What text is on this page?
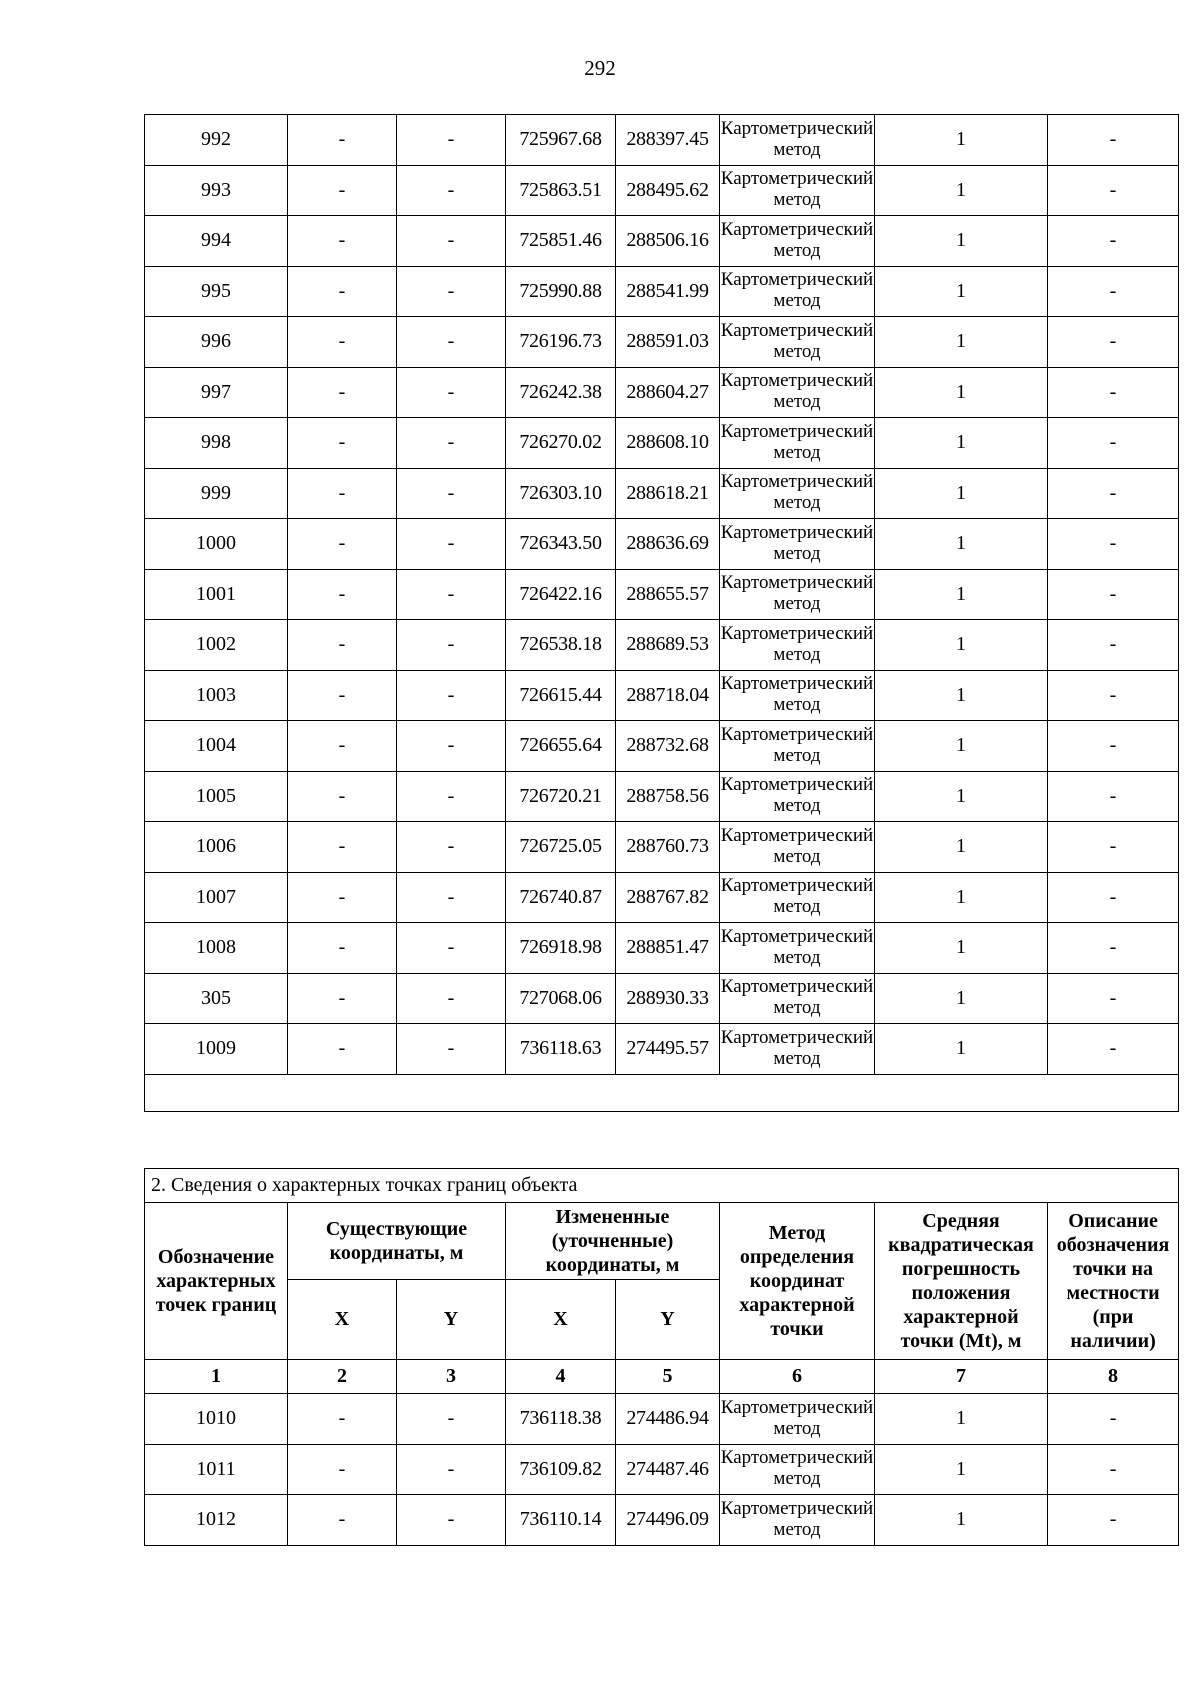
292
992	-	-	725967.68	288397.45	Картометрический метод	1	-
993	-	-	725863.51	288495.62	Картометрический метод	1	-
994	-	-	725851.46	288506.16	Картометрический метод	1	-
995	-	-	725990.88	288541.99	Картометрический метод	1	-
996	-	-	726196.73	288591.03	Картометрический метод	1	-
997	-	-	726242.38	288604.27	Картометрический метод	1	-
998	-	-	726270.02	288608.10	Картометрический метод	1	-
999	-	-	726303.10	288618.21	Картометрический метод	1	-
1000	-	-	726343.50	288636.69	Картометрический метод	1	-
1001	-	-	726422.16	288655.57	Картометрический метод	1	-
1002	-	-	726538.18	288689.53	Картометрический метод	1	-
1003	-	-	726615.44	288718.04	Картометрический метод	1	-
1004	-	-	726655.64	288732.68	Картометрический метод	1	-
1005	-	-	726720.21	288758.56	Картометрический метод	1	-
1006	-	-	726725.05	288760.73	Картометрический метод	1	-
1007	-	-	726740.87	288767.82	Картометрический метод	1	-
1008	-	-	726918.98	288851.47	Картометрический метод	1	-
305	-	-	727068.06	288930.33	Картометрический метод	1	-
1009	-	-	736118.63	274495.57	Картометрический метод	1	-

2. Сведения о характерных точках границ объекта							
Обозначение характерных точек границ	Существующие координаты, м		Измененные (уточненные) координаты, м		Метод определения координат характерной точки	Средняя квадратическая погрешность положения характерной точки (Mt), м	Описание обозначения точки на местности (при наличии)
	X	Y	X	Y			
1	2	3	4	5	6	7	8
1010	-	-	736118.38	274486.94	Картометрический метод	1	-
1011	-	-	736109.82	274487.46	Картометрический метод	1	-
1012	-	-	736110.14	274496.09	Картометрический метод	1	-
